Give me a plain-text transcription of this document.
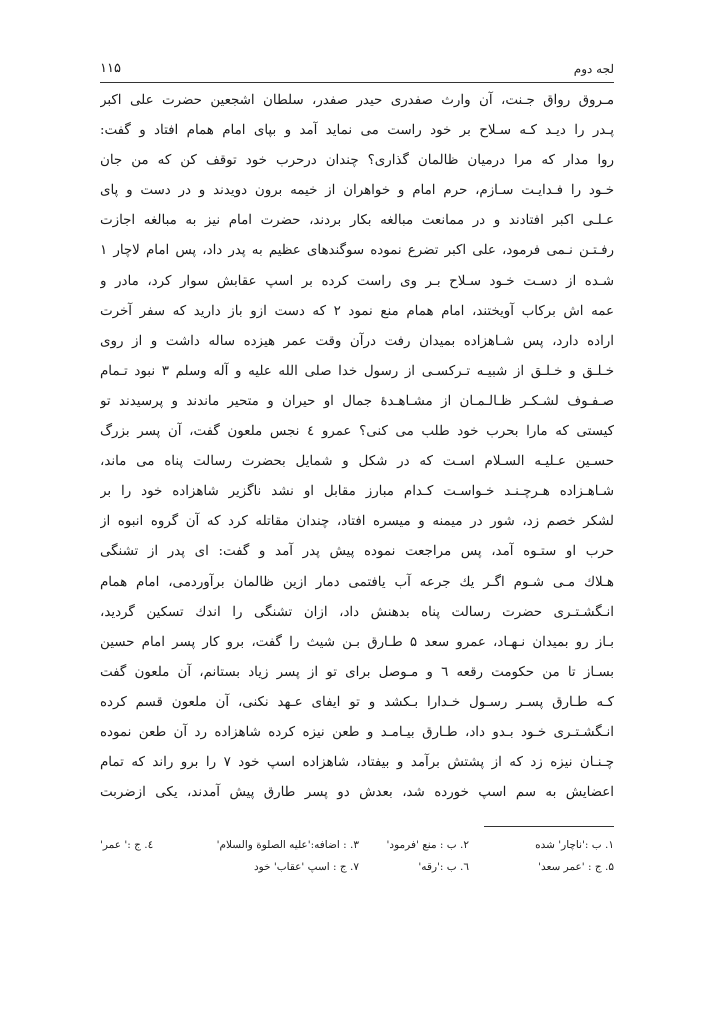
لجه دوم
۱۱۵
مـروق رواق جـنت، آن وارث صفدری حیدر صفدر، سلطان اشجعین حضرت علی اکبر
پـدر را دیـد کـه سـلاح بر خود راست می نماید آمد و بپای امام همام افتاد و گفت:
روا مدار که مرا درمیان ظالمان گذاری؟ چندان درحرب خود توقف کن که من جان
خـود را فـدایـت سـازم، حرم امام و خواهران از خیمه برون دویدند و در دست و پای
عـلـی اکبر افتادند و در ممانعت مبالغه بکار بردند، حضرت امام نیز به مبالغه اجازت
رفـتـن نـمی فرمود، علی اکبر تضرع نموده سوگندهای عظیم به پدر داد، پس امام لاچار ۱
شـده از دسـت خـود سـلاح بـر وی راست کرده بر اسپ عقابش سوار کرد، مادر و
عمه اش برکاب آویختند، امام همام منع نمود ۲ که دست ازو باز دارید که سفر آخرت
اراده دارد، پس شـاهزاده بمیدان رفت درآن وقت عمر هیزده ساله داشت و از روی
خـلـق و خـلـق از شبیـه تـرکسـی از رسول خدا صلی الله علیه و آله وسلم ۳ نبود تـمام
صـفـوف لشـکـر ظـالـمـان از مشـاهـدهٔ جمال او حیران و متحیر ماندند و پرسیدند تو
کیستی که مارا بحرب خود طلب می کنی؟ عمرو ٤ نجس ملعون گفت، آن پسر بزرگ
حسـین عـلیـه السـلام اسـت که در شکل و شمایل بحضرت رسالت پناه می ماند،
شـاهـزاده هـرچـنـد خـواسـت کـدام مبارز مقابل او نشد ناگزیر شاهزاده خود را بر
لشکر خصم زد، شور در میمنه و میسره افتاد، چندان مقاتله کرد که آن گروه انبوه از
حرب او ستـوه آمد، پس مراجعت نموده پیش پدر آمد و گفت: ای پدر از تشنگی
هـلاك مـی شـوم اگـر یك جرعه آب یافتمی دمار ازین ظالمان برآوردمی، امام همام
انـگشـتـری حضرت رسالت پناه بدهنش داد، ازان تشنگی را اندك تسکین گردید،
بـاز رو بمیدان نـهـاد، عمرو سعد ۵ طـارق بـن شیث را گفت، برو کار پسر امام حسین
بسـاز تا من حکومت رقعه ٦ و مـوصل برای تو از پسر زیاد بستانم، آن ملعون گفت
کـه طـارق پسـر رسـول خـدارا بـکشد و تو ایفای عـهد نکنی، آن ملعون قسم کرده
انـگشـتـری خـود بـدو داد، طـارق بیـامـد و طعن نیزه کرده شاهزاده رد آن طعن نموده
چـنـان نیزه زد که از پشتش برآمد و بیفتاد، شاهزاده اسپ خود ۷ را برو راند که تمام
اعضایش به سم اسپ خورده شد، بعدش دو پسر طارق پیش آمدند، یکی ازضربت
۱. ب :'ناچار' شده
۲. ب : منع 'فرمود'
۳. : اضافه:'علیه الصلوة والسلام'
٤. ج :' عمر'
۵. ج : 'عمر سعد'
٦. ب :'رقه'
۷. ج : اسپ 'عقاب' خود
